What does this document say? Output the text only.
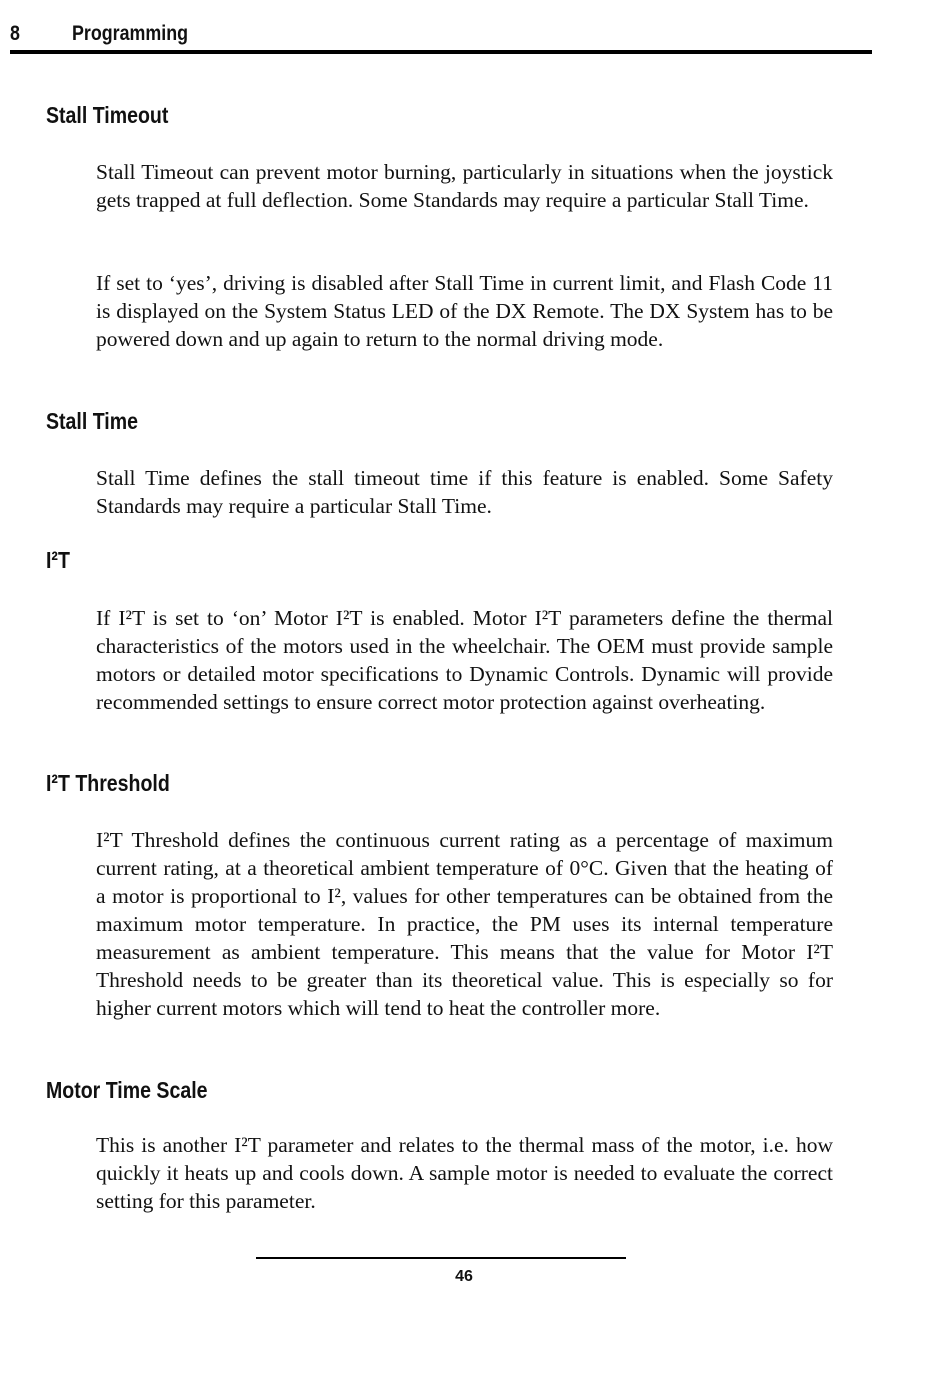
8 Programming
Stall Timeout

Stall Timeout can prevent motor burning, particularly in situations when the joystick gets trapped at full deflection. Some Standards may require a particular Stall Time.

If set to ‘yes’, driving is disabled after Stall Time in current limit, and Flash Code 11 is displayed on the System Status LED of the DX Remote. The DX System has to be powered down and up again to return to the normal driving mode.

Stall Time

Stall Time defines the stall timeout time if this feature is enabled. Some Safety Standards may require a particular Stall Time.

I²T

If I²T is set to ‘on’ Motor I²T is enabled. Motor I²T parameters define the thermal characteristics of the motors used in the wheelchair. The OEM must provide sample motors or detailed motor specifications to Dynamic Controls. Dynamic will provide recommended settings to ensure correct motor protection against overheating.

I²T Threshold

I²T Threshold defines the continuous current rating as a percentage of maximum current rating, at a theoretical ambient temperature of 0°C. Given that the heating of a motor is proportional to I², values for other temperatures can be obtained from the maximum motor temperature. In practice, the PM uses its internal temperature measurement as ambient temperature. This means that the value for Motor I²T Threshold needs to be greater than its theoretical value. This is especially so for higher current motors which will tend to heat the controller more.

Motor Time Scale

This is another I²T parameter and relates to the thermal mass of the motor, i.e. how quickly it heats up and cools down. A sample motor is needed to evaluate the correct setting for this parameter.

46
